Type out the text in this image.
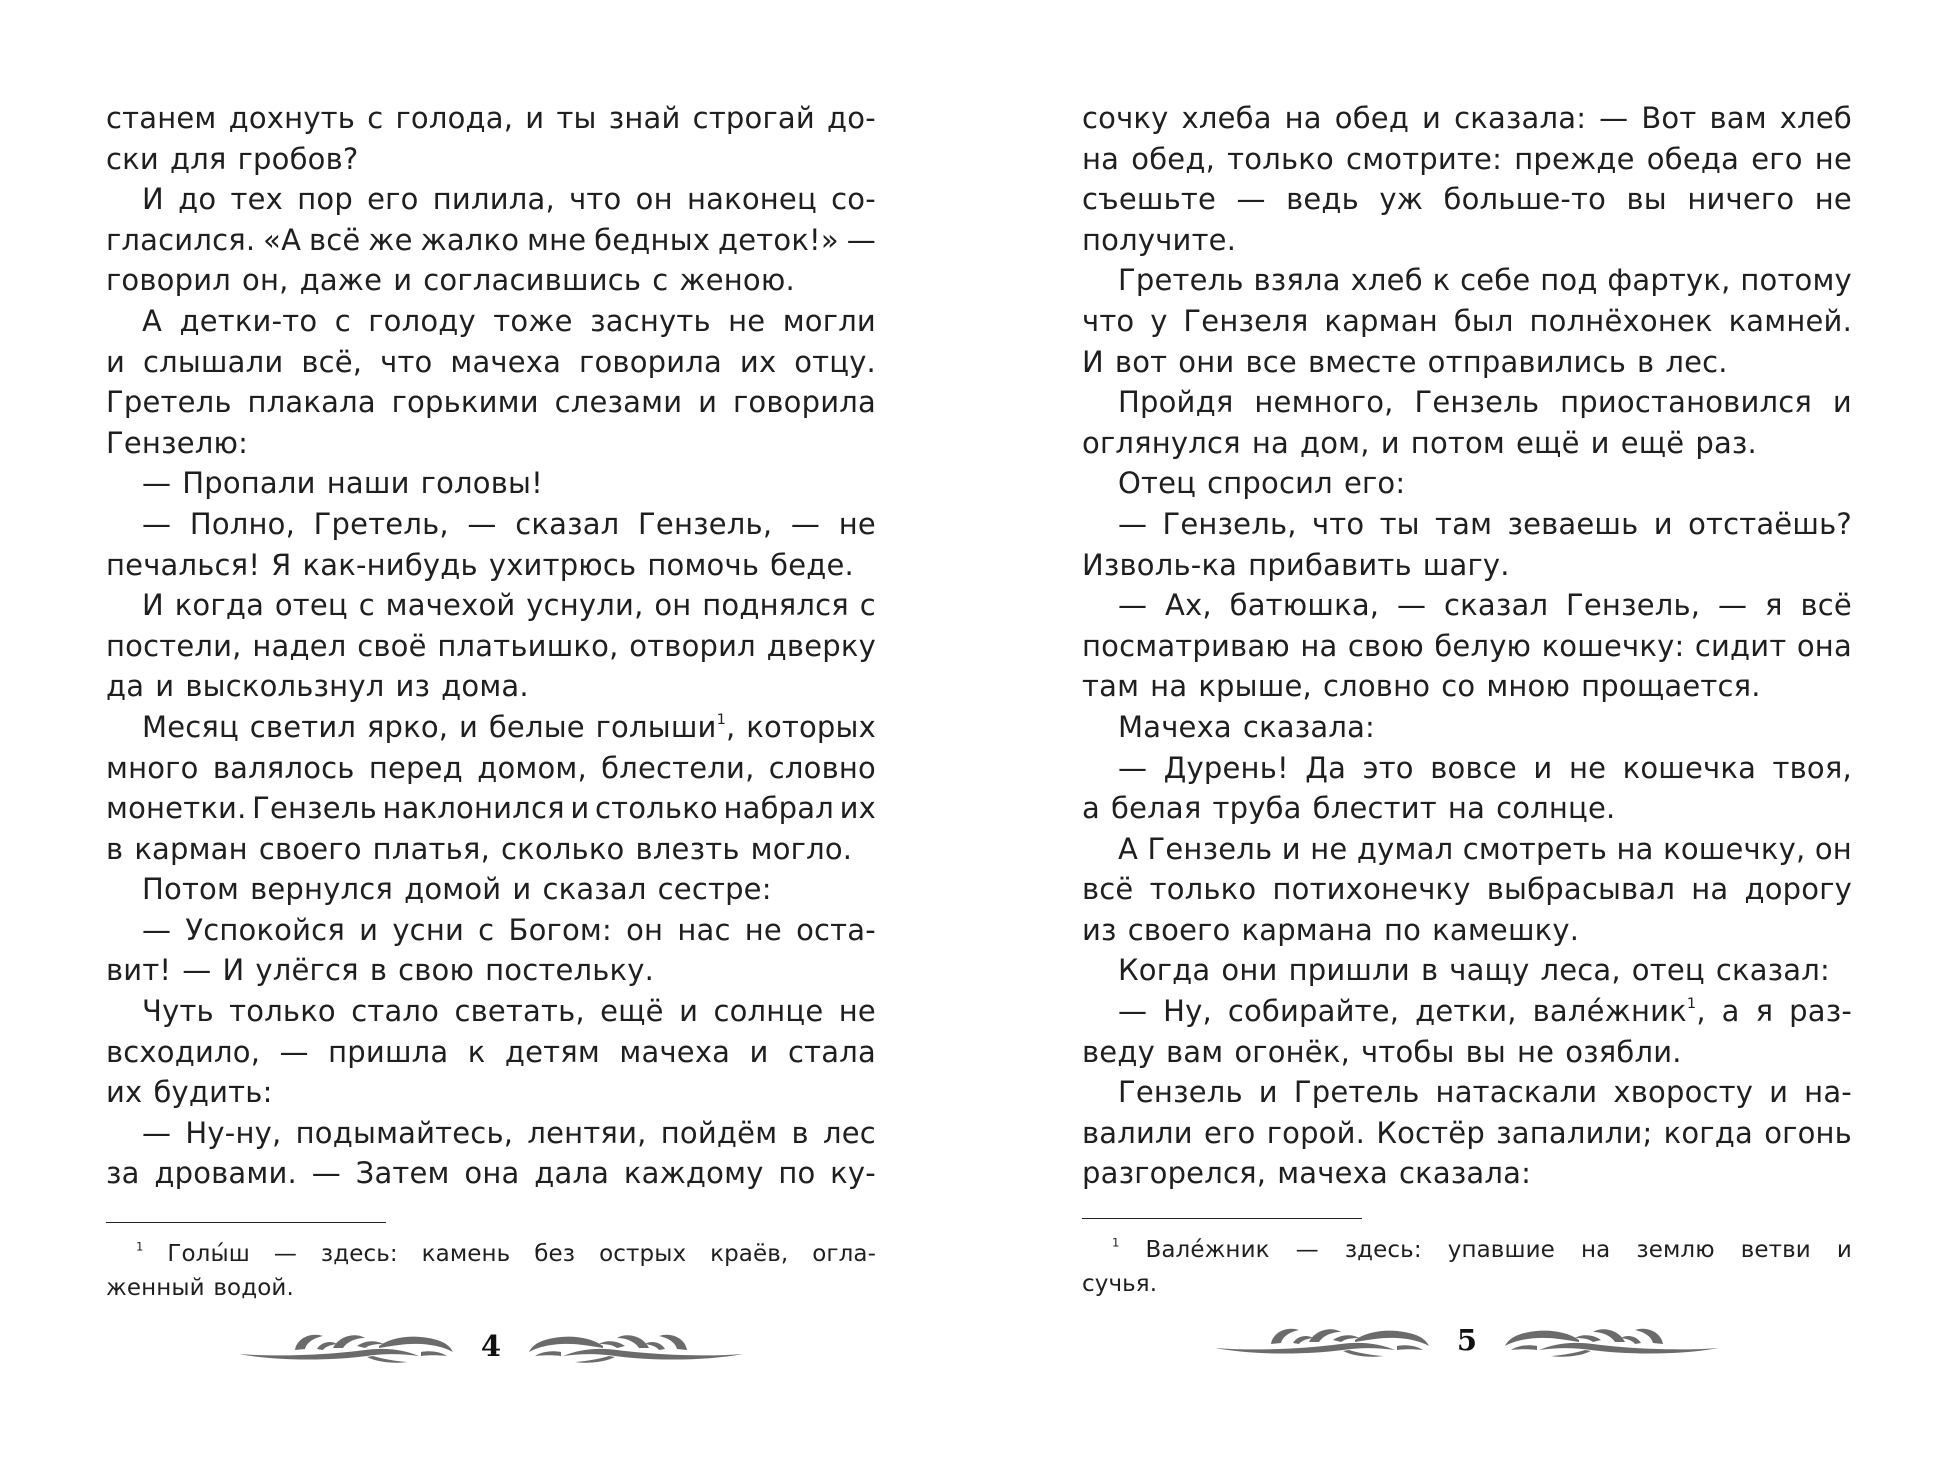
станем дохнуть с голода, и ты знай строгай до-
ски для гробов?
И до тех пор его пилила, что он наконец со-
гласился. «А всё же жалко мне бедных деток!» —
говорил он, даже и согласившись с женою.
А детки-то с голоду тоже заснуть не могли
и слышали всё, что мачеха говорила их отцу.
Гретель плакала горькими слезами и говорила
Гензелю:
— Пропали наши головы!
— Полно, Гретель, — сказал Гензель, — не
печалься! Я как-нибудь ухитрюсь помочь беде.
И когда отец с мачехой уснули, он поднялся с
постели, надел своё платьишко, отворил дверку
да и выскользнул из дома.
Месяц светил ярко, и белые голыши$^1$, которых
много валялось перед домом, блестели, словно
монетки. Гензель наклонился и столько набрал их
в карман своего платья, сколько влезть могло.
Потом вернулся домой и сказал сестре:
— Успокойся и усни с Богом: он нас не оста-
вит! — И улёгся в свою постельку.
Чуть только стало светать, ещё и солнце не
всходило, — пришла к детям мачеха и стала
их будить:
— Ну-ну, подымайтесь, лентяи, пойдём в лес
за дровами. — Затем она дала каждому по ку-
$^1$ Голы́ш — здесь: камень без острых краёв, огла-
женный водой.
4
сочку хлеба на обед и сказала: — Вот вам хлеб
на обед, только смотрите: прежде обеда его не
съешьте — ведь уж больше-то вы ничего не
получите.
Гретель взяла хлеб к себе под фартук, потому
что у Гензеля карман был полнёхонек камней.
И вот они все вместе отправились в лес.
Пройдя немного, Гензель приостановился и
оглянулся на дом, и потом ещё и ещё раз.
Отец спросил его:
— Гензель, что ты там зеваешь и отстаёшь?
Изволь-ка прибавить шагу.
— Ах, батюшка, — сказал Гензель, — я всё
посматриваю на свою белую кошечку: сидит она
там на крыше, словно со мною прощается.
Мачеха сказала:
— Дурень! Да это вовсе и не кошечка твоя,
а белая труба блестит на солнце.
А Гензель и не думал смотреть на кошечку, он
всё только потихонечку выбрасывал на дорогу
из своего кармана по камешку.
Когда они пришли в чащу леса, отец сказал:
— Ну, собирайте, детки, вале́жник$^1$, а я раз-
веду вам огонёк, чтобы вы не озябли.
Гензель и Гретель натаскали хворосту и на-
валили его горой. Костёр запалили; когда огонь
разгорелся, мачеха сказала:
$^1$ Вале́жник — здесь: упавшие на землю ветви и
сучья.
5
